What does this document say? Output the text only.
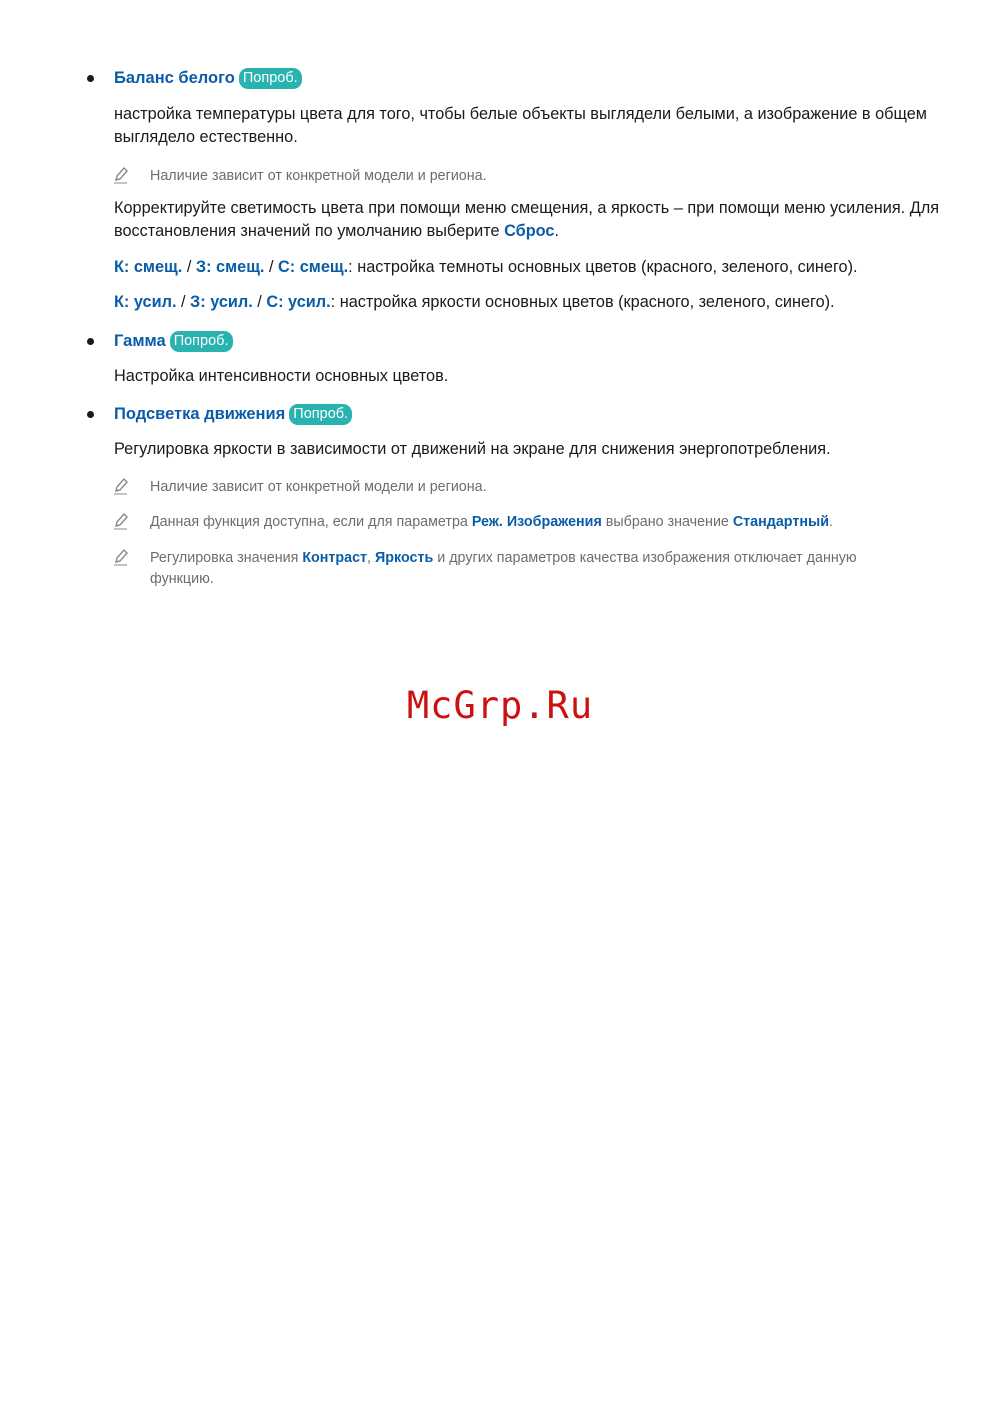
Баланс белого Попроб.
настройка температуры цвета для того, чтобы белые объекты выглядели белыми, а изображение в общем выглядело естественно.
Наличие зависит от конкретной модели и региона.
Корректируйте светимость цвета при помощи меню смещения, а яркость – при помощи меню усиления. Для восстановления значений по умолчанию выберите Сброс.
К: смещ. / З: смещ. / С: смещ.: настройка темноты основных цветов (красного, зеленого, синего).
К: усил. / З: усил. / С: усил.: настройка яркости основных цветов (красного, зеленого, синего).
Гамма Попроб.
Настройка интенсивности основных цветов.
Подсветка движения Попроб.
Регулировка яркости в зависимости от движений на экране для снижения энергопотребления.
Наличие зависит от конкретной модели и региона.
Данная функция доступна, если для параметра Реж. Изображения выбрано значение Стандартный.
Регулировка значения Контраст, Яркость и других параметров качества изображения отключает данную функцию.
McGrp.Ru
